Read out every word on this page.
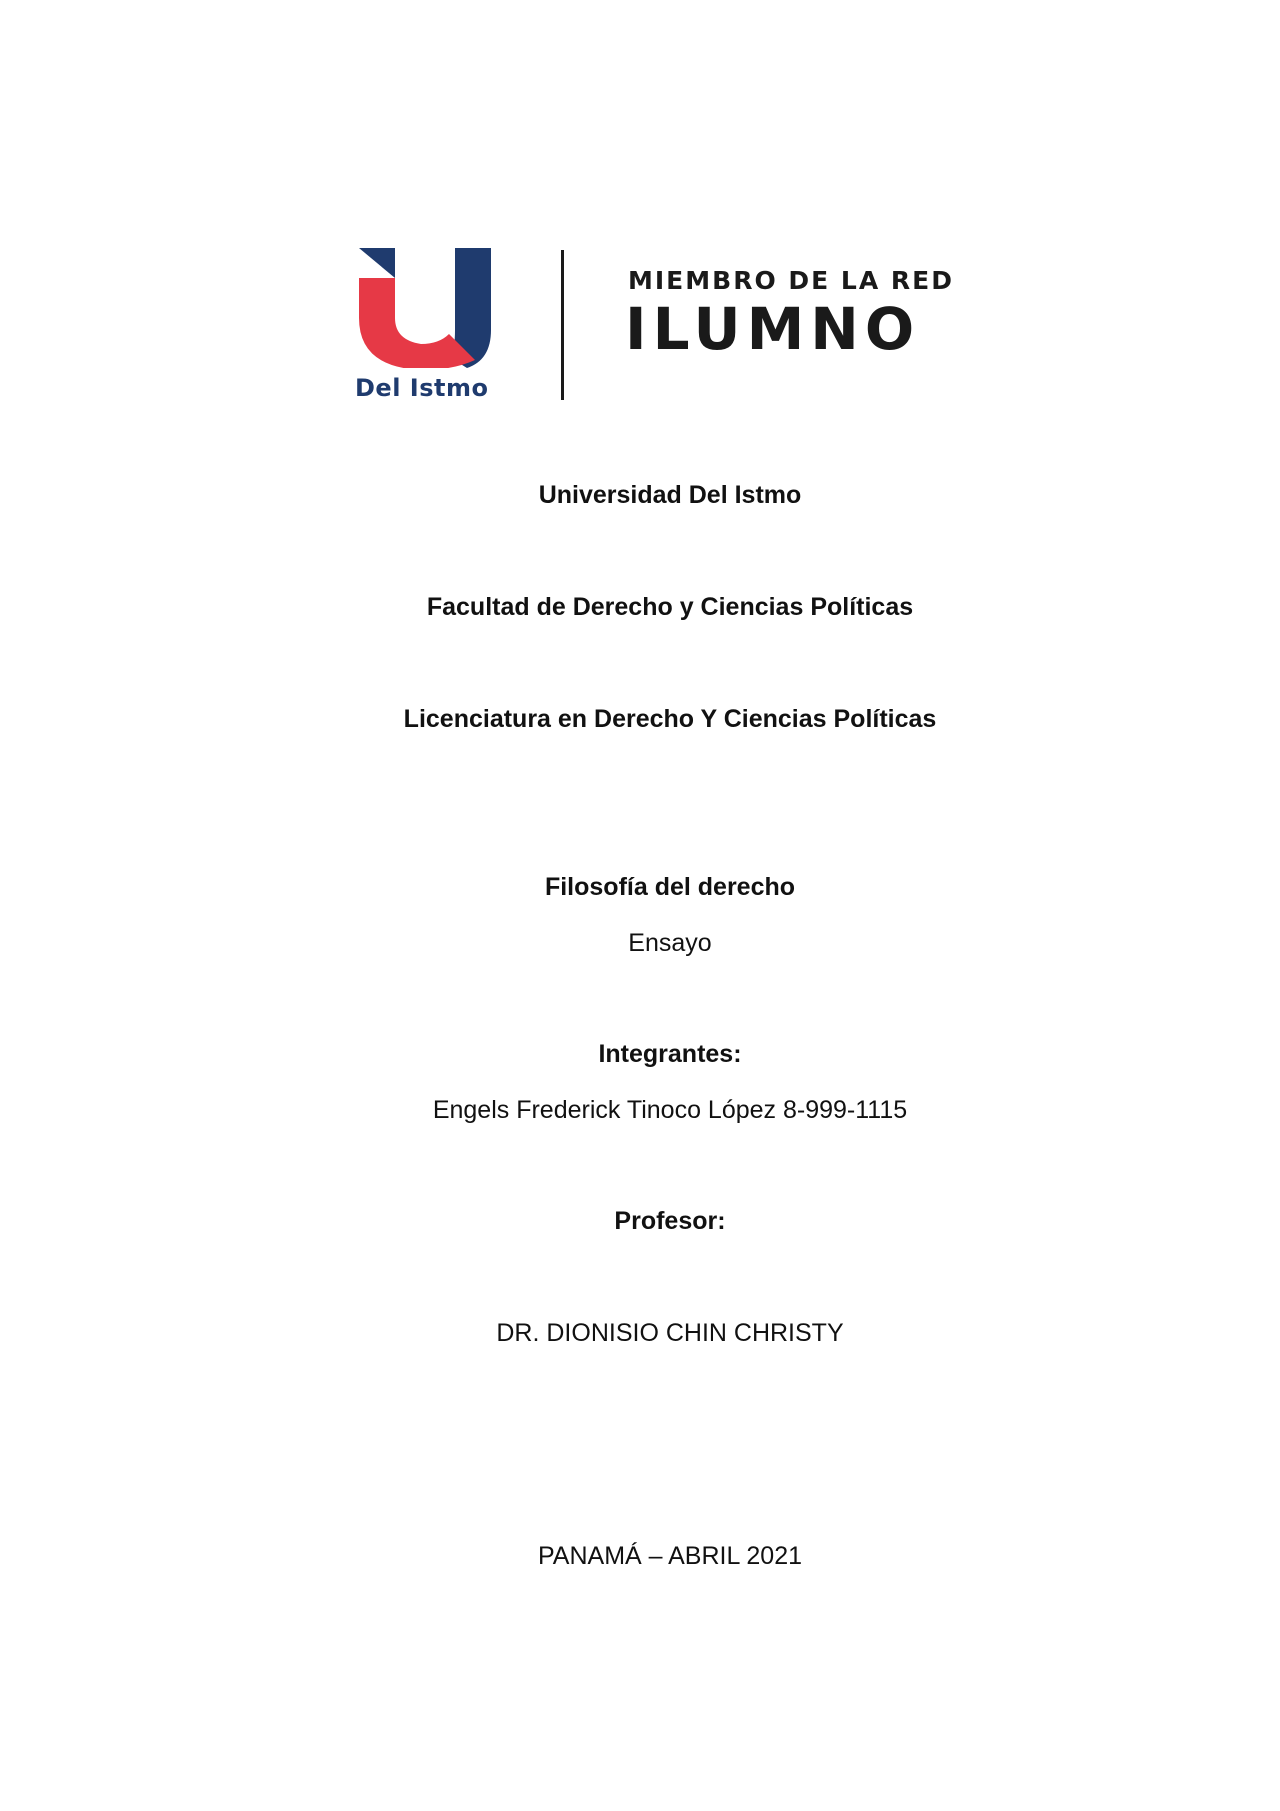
Del Istmo
MIEMBRO DE LA RED
ILUMNO
Universidad Del Istmo
Facultad de Derecho y Ciencias Políticas
Licenciatura en Derecho Y Ciencias Políticas
Filosofía del derecho
Ensayo
Integrantes:
Engels Frederick Tinoco López 8-999-1115
Profesor:
DR. DIONISIO CHIN CHRISTY
PANAMÁ – ABRIL 2021
